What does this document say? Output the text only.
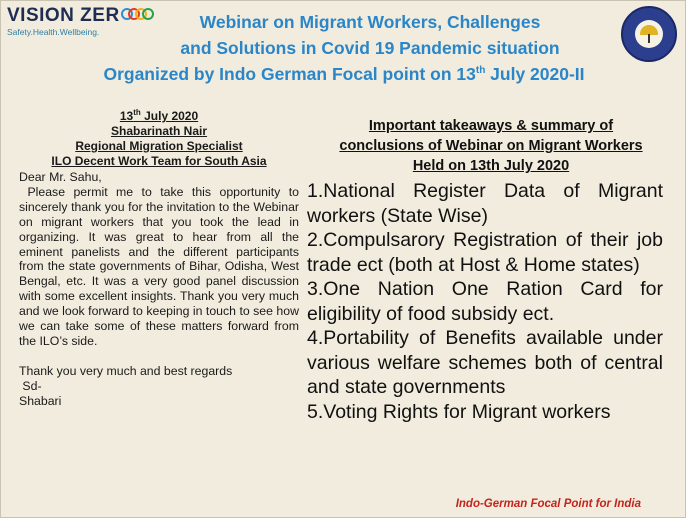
VISION ZER
Safety.Health.Wellbeing.	Webinar on Migrant Workers, Challenges
and Solutions in Covid 19 Pandemic situation
Organized by Indo German Focal point on 13th July 2020-II
13th July 2020
Shabarinath Nair
Regional Migration Specialist
ILO Decent Work Team for South Asia

Dear Mr. Sahu,

Please permit me to take this opportunity to sincerely thank you for the invitation to the Webinar on migrant workers that you took the lead in organizing. It was great to hear from all the eminent panelists and the different participants from the state governments of Bihar, Odisha, West Bengal, etc. It was a very good panel discussion with some excellent insights. Thank you very much and we look forward to keeping in touch to see how we can take some of these matters forward from the ILO’s side.

Thank you very much and best regards

Sd-

Shabari

Important takeaways & summary of
conclusions of Webinar on Migrant Workers
Held on 13th July 2020

1.National Register Data of Migrant workers (State Wise)

2.Compulsarory Registration of their job trade ect (both at Host & Home states)

3.One Nation One Ration Card for eligibility of food subsidy ect.

4.Portability of Benefits available under various welfare schemes both of central and state governments

5.Voting Rights for Migrant workers

Indo-German Focal Point for India
